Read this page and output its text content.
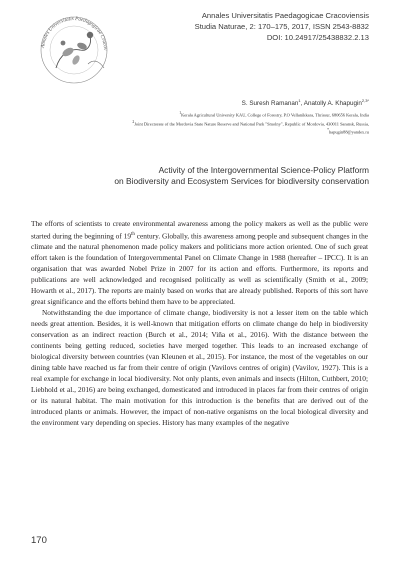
Annales Universitatis Paedagogicae Cracov
Annales Universitatis Paedagogicae Cracoviensis
Studia Naturae, 2: 170–175, 2017, ISSN 2543-8832
DOI: 10.24917/25438832.2.13
S. Suresh Ramanan$^1$, Anatolly A. Khapugin$^{2,3*}$
$^1$Kerala Agricultural University KAU, College of Forestry, P.O Vellanikkara, Thrissur, 680656 Kerala, India
$^2$Joint Directorate of the Mordovia State Nature Reserve and National Park "Smolny", Republic of Mordovia, 430011 Saransk, Russia,
*hapugin88@yandex.ru
Activity of the Intergovernmental Science-Policy Platform
on Biodiversity and Ecosystem Services for biodiversity conservation

The efforts of scientists to create environmental awareness among the policy makers as well as the public were started during the beginning of 19th century. Globally, this awareness among people and subsequent changes in the climate and the natural phenomenon made policy makers and politicians more action oriented. One of such great effort taken is the foundation of Intergovernmental Panel on Climate Change in 1988 (hereafter – IPCC). It is an organisation that was awarded Nobel Prize in 2007 for its action and efforts. Furthermore, its reports and publications are well acknowledged and recognised politically as well as scientifically (Smith et al., 2009; Howarth et al., 2017). The reports are mainly based on works that are already published. Reports of this sort have great significance and the efforts behind them have to be appreciated.

Notwithstanding the due importance of climate change, biodiversity is not a lesser item on the table which needs great attention. Besides, it is well-known that mitigation efforts on climate change do help in biodiversity conservation as an indirect reaction (Burch et al., 2014; Viña et al., 2016). With the distance between the continents being getting reduced, societies have merged together. This leads to an increased exchange of biological diversity between countries (van Kleunen et al., 2015). For instance, the most of the vegetables on our dining table have reached us far from their centre of origin (Vavilovs centres of origin) (Vavilov, 1927). This is a real example for exchange in local biodiversity. Not only plants, even animals and insects (Hilton, Cuthbert, 2010; Liebhold et al., 2016) are being exchanged, domesticated and introduced in places far from their centres of origin or its natural habitat. The main motivation for this introduction is the benefits that are derived out of the introduced plants or animals. However, the impact of non-native organisms on the local biological diversity and the environment vary depending on species. History has many examples of the negative

170
